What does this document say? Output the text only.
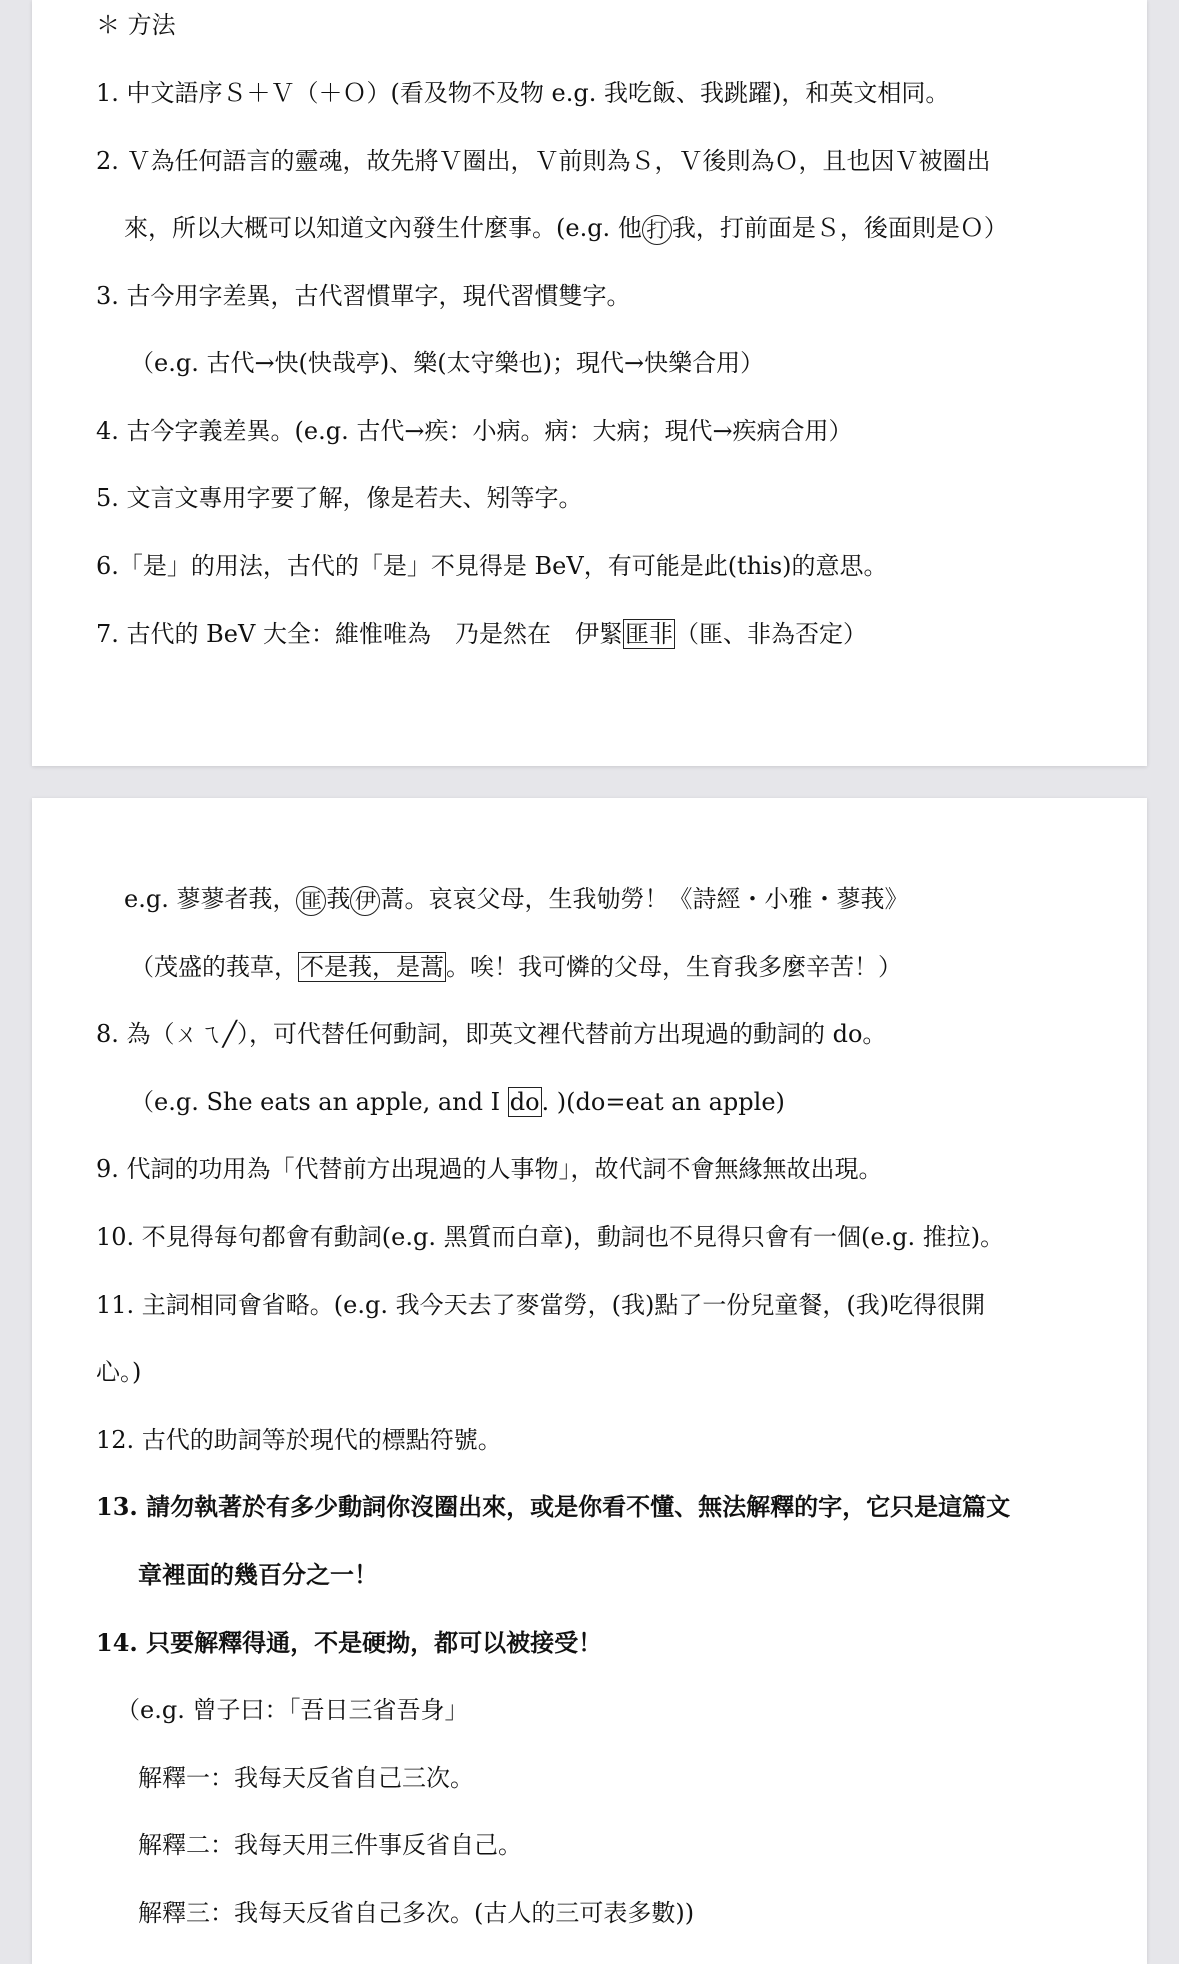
＊ 方法
1. 中文語序Ｓ＋Ｖ（＋Ｏ）(看及物不及物 e.g. 我吃飯、我跳躍)，和英文相同。
2. Ｖ為任何語言的靈魂，故先將Ｖ圈出，Ｖ前則為Ｓ，Ｖ後則為Ｏ，且也因Ｖ被圈出
來，所以大概可以知道文內發生什麼事。(e.g. 他 打 我，打前面是Ｓ，後面則是Ｏ）
3. 古今用字差異，古代習慣單字，現代習慣雙字。
（e.g. 古代→快(快哉亭)、樂(太守樂也)；現代→快樂合用）
4. 古今字義差異。(e.g. 古代→疾：小病。病：大病；現代→疾病合用）
5. 文言文專用字要了解，像是若夫、矧等字。
6.「是」的用法，古代的「是」不見得是 BeV，有可能是此(this)的意思。
7. 古代的 BeV 大全：維惟唯為　乃是然在　伊緊匪非（匪、非為否定）
e.g. 蓼蓼者莪， 匪 莪 伊 蒿。哀哀父母，生我劬勞！《詩經・小雅・蓼莪》
（茂盛的莪草，不是莪，是蒿。唉！我可憐的父母，生育我多麼辛苦！）
8. 為（ㄨㄟ╱），可代替任何動詞，即英文裡代替前方出現過的動詞的 do。
（e.g. She eats an apple, and I do. )(do=eat an apple)
9. 代詞的功用為「代替前方出現過的人事物」，故代詞不會無緣無故出現。
10. 不見得每句都會有動詞(e.g. 黑質而白章)，動詞也不見得只會有一個(e.g. 推拉)。
11. 主詞相同會省略。(e.g. 我今天去了麥當勞，(我)點了一份兒童餐，(我)吃得很開
心。)
12. 古代的助詞等於現代的標點符號。
13. 請勿執著於有多少動詞你沒圈出來，或是你看不懂、無法解釋的字，它只是這篇文
章裡面的幾百分之一！
14. 只要解釋得通，不是硬拗，都可以被接受！
（e.g. 曾子曰：「吾日三省吾身」
解釋一：我每天反省自己三次。
解釋二：我每天用三件事反省自己。
解釋三：我每天反省自己多次。(古人的三可表多數))
